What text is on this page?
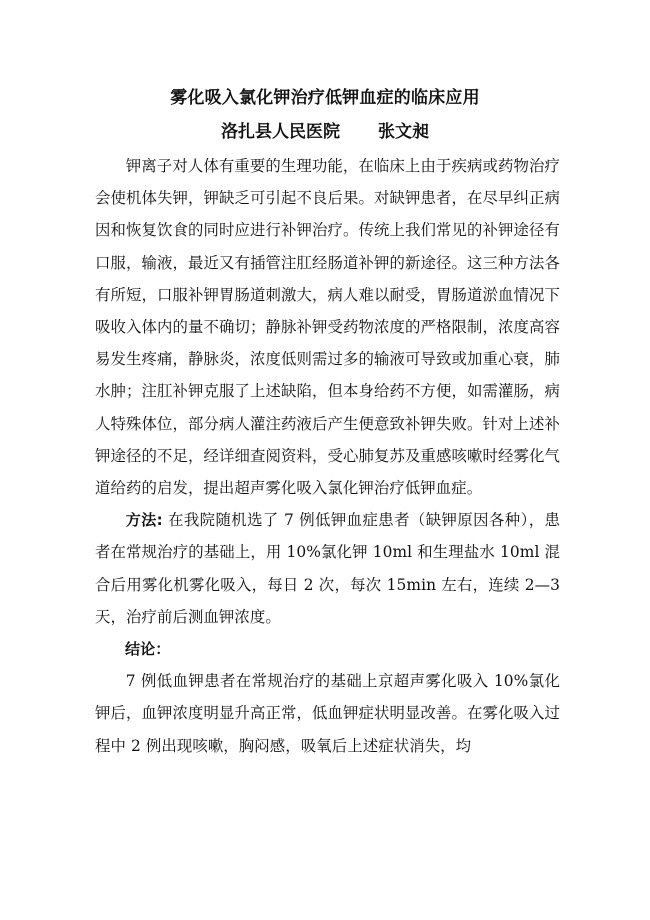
雾化吸入氯化钾治疗低钾血症的临床应用
洛扎县人民医院 张文昶

钾离子对人体有重要的生理功能，在临床上由于疾病或药物治疗会使机体失钾，钾缺乏可引起不良后果。对缺钾患者，在尽早纠正病因和恢复饮食的同时应进行补钾治疗。传统上我们常见的补钾途径有口服，输液，最近又有插管注肛经肠道补钾的新途径。这三种方法各有所短，口服补钾胃肠道刺激大，病人难以耐受，胃肠道淤血情况下吸收入体内的量不确切；静脉补钾受药物浓度的严格限制，浓度高容易发生疼痛，静脉炎，浓度低则需过多的输液可导致或加重心衰，肺水肿；注肛补钾克服了上述缺陷，但本身给药不方便，如需灌肠，病人特殊体位，部分病人灌注药液后产生便意致补钾失败。针对上述补钾途径的不足，经详细查阅资料，受心肺复苏及重感咳嗽时经雾化气道给药的启发，提出超声雾化吸入氯化钾治疗低钾血症。

方法: 在我院随机选了 7 例低钾血症患者（缺钾原因各种），患者在常规治疗的基础上，用 10%氯化钾 10ml 和生理盐水 10ml 混合后用雾化机雾化吸入，每日 2 次，每次 15min 左右，连续 2—3 天，治疗前后测血钾浓度。

结论：

7 例低血钾患者在常规治疗的基础上京超声雾化吸入 10%氯化钾后，血钾浓度明显升高正常，低血钾症状明显改善。在雾化吸入过程中 2 例出现咳嗽，胸闷感，吸氧后上述症状消失，均
